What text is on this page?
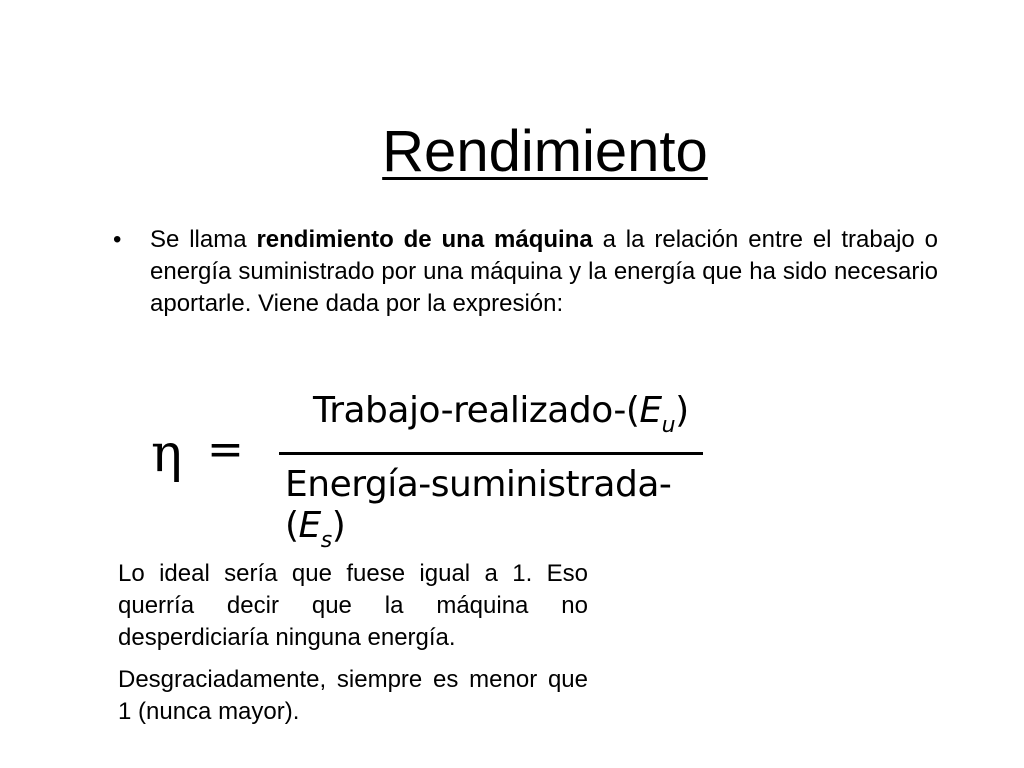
Rendimiento
• Se llama rendimiento de una máquina a la relación entre el trabajo o energía suministrado por una máquina y la energía que ha sido necesario aportarle. Viene dada por la expresión:
η =
Trabajo-$realizado-(E_u)$
Energía-$suministrada-(E_s)$

Lo ideal sería que fuese igual a 1. Eso querría decir que la máquina no desperdiciaría ninguna energía.

Desgraciadamente, siempre es menor que 1 (nunca mayor).
